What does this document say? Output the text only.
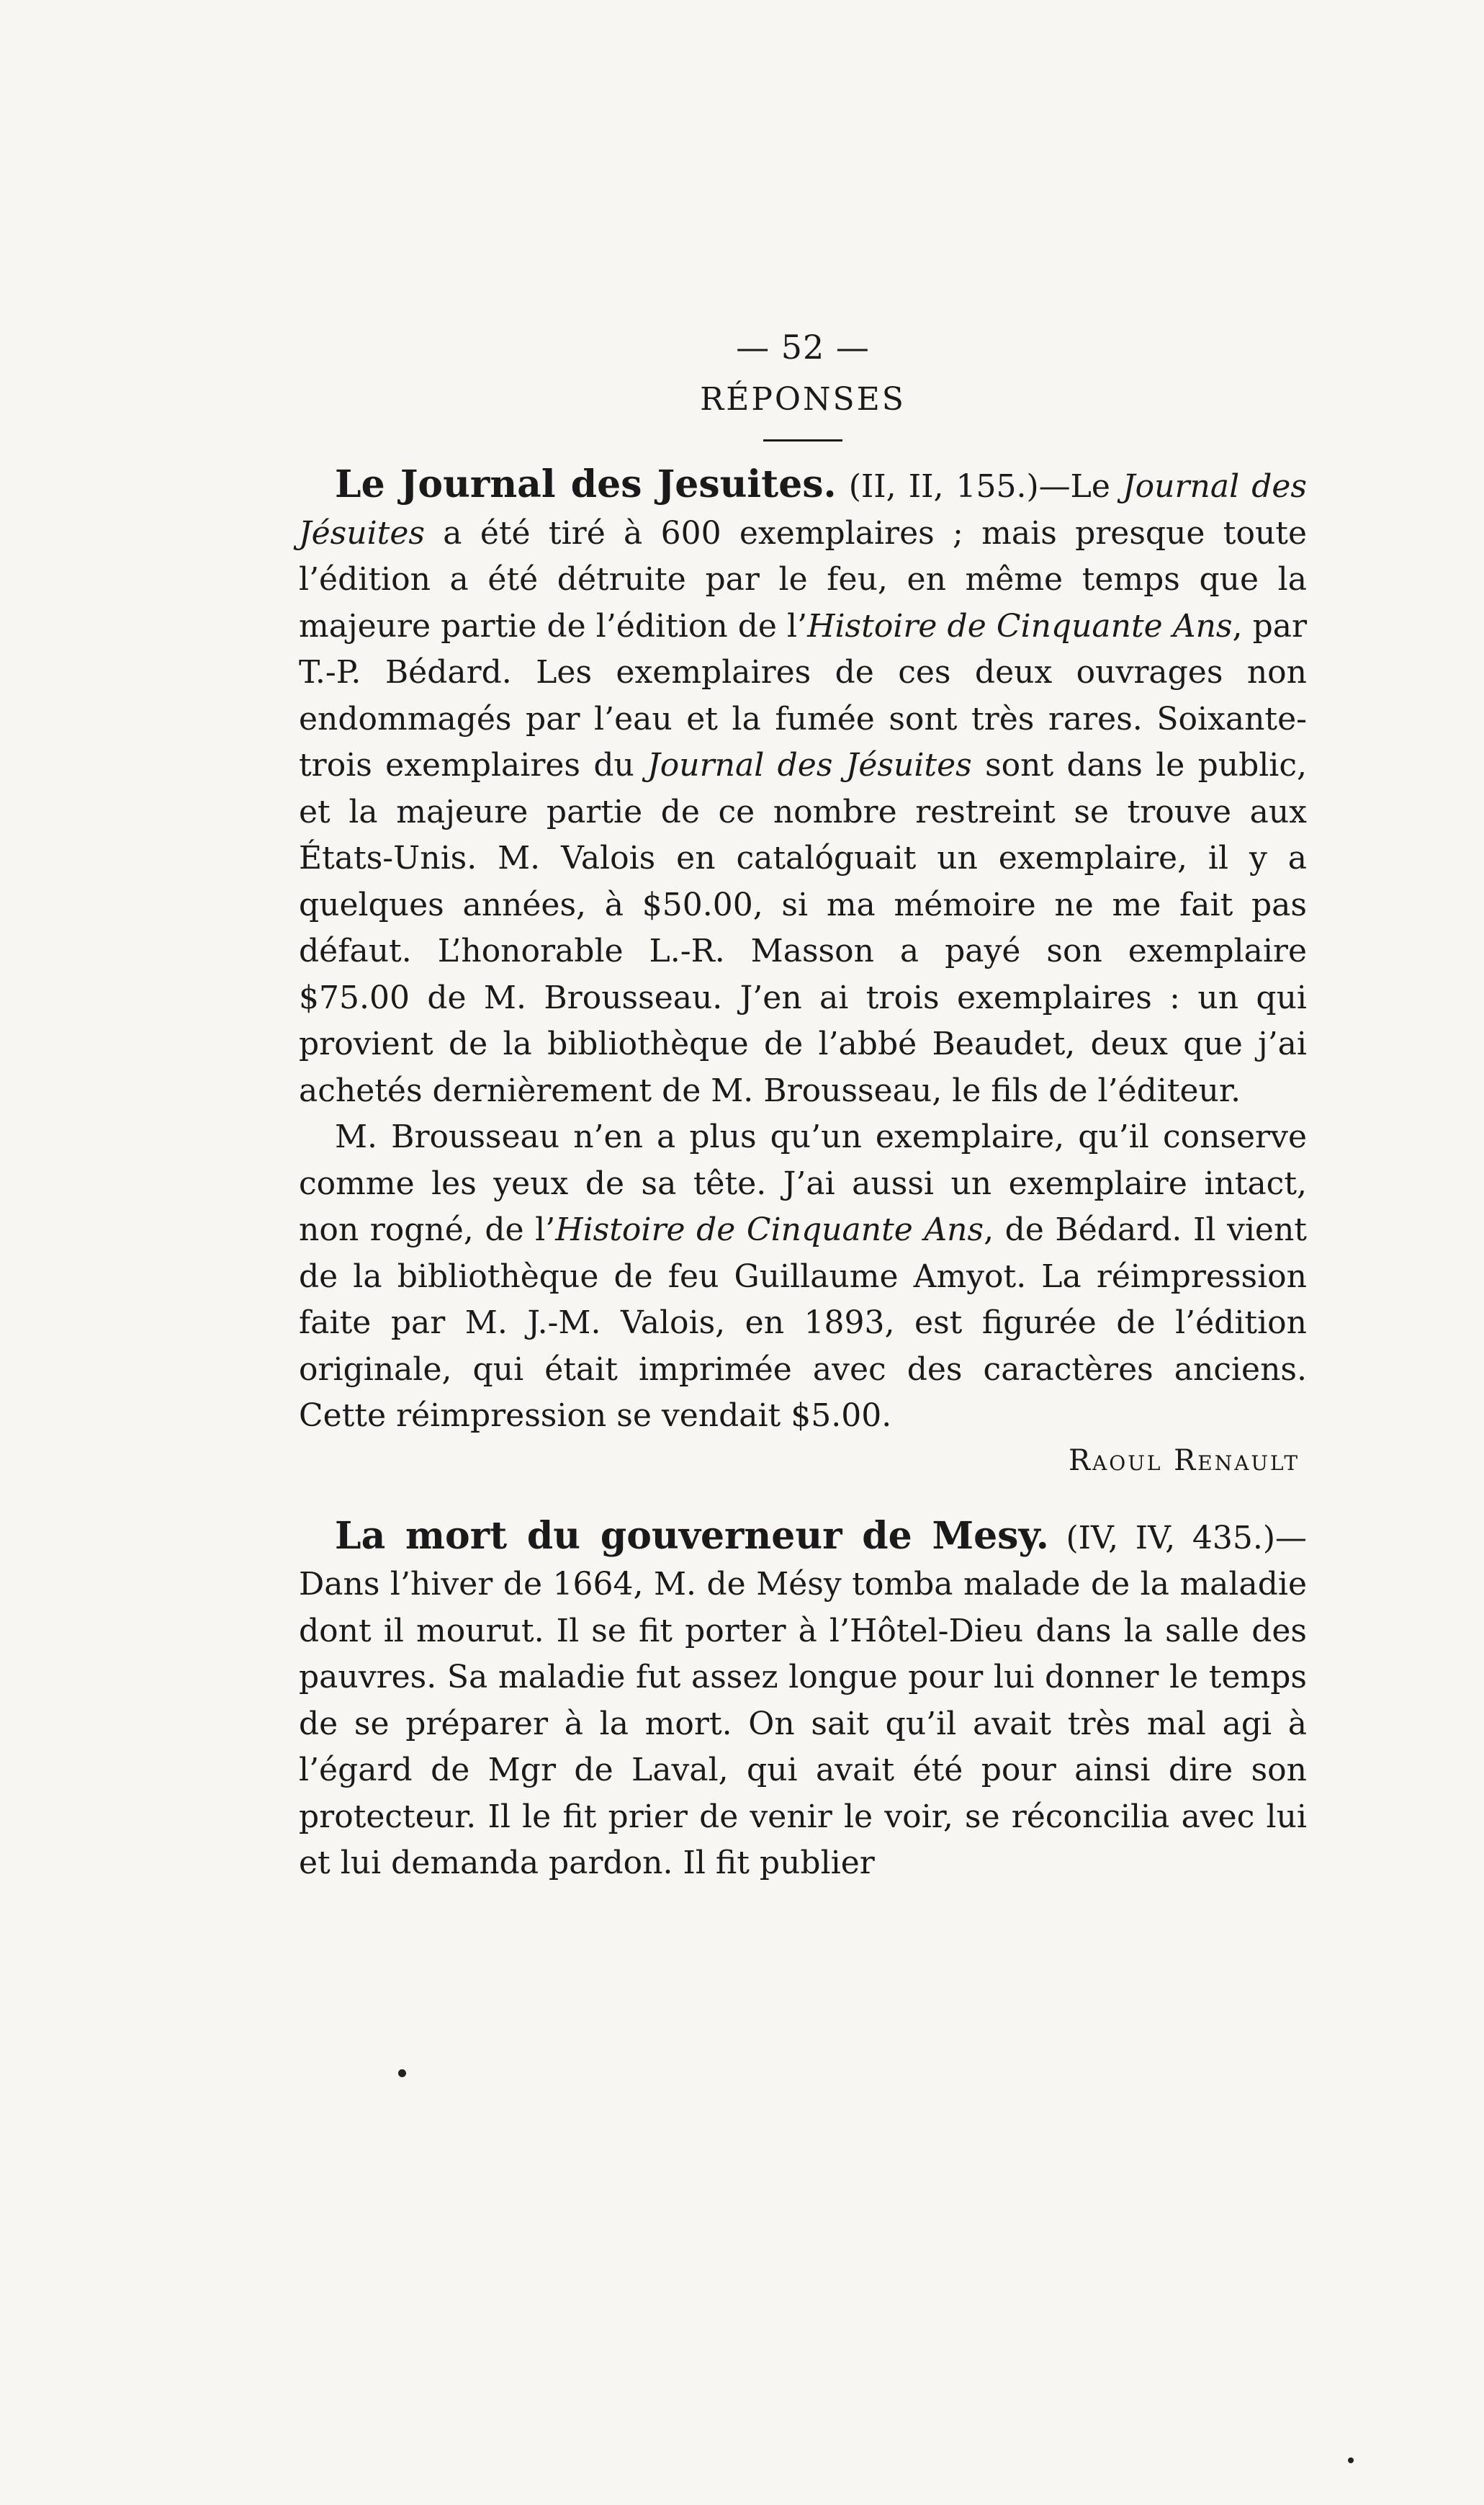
— 52 —
RÉPONSES

Le Journal des Jesuites. (II, II, 155.)—Le Journal des Jésuites a été tiré à 600 exemplaires ; mais presque toute l’édition a été détruite par le feu, en même temps que la majeure partie de l’édition de l’Histoire de Cinquante Ans, par T.-P. Bédard. Les exemplaires de ces deux ouvrages non endommagés par l’eau et la fumée sont très rares. Soixante-trois exemplaires du Journal des Jésuites sont dans le public, et la majeure partie de ce nombre restreint se trouve aux États-Unis. M. Valois en catalóguait un exemplaire, il y a quelques années, à $50.00, si ma mémoire ne me fait pas défaut. L’honorable L.-R. Masson a payé son exemplaire $75.00 de M. Brousseau. J’en ai trois exemplaires : un qui provient de la bibliothèque de l’abbé Beaudet, deux que j’ai achetés dernièrement de M. Brousseau, le fils de l’éditeur.

M. Brousseau n’en a plus qu’un exemplaire, qu’il conserve comme les yeux de sa tête. J’ai aussi un exemplaire intact, non rogné, de l’Histoire de Cinquante Ans, de Bédard. Il vient de la bibliothèque de feu Guillaume Amyot. La réimpression faite par M. J.-M. Valois, en 1893, est figurée de l’édition originale, qui était imprimée avec des caractères anciens. Cette réimpression se vendait $5.00.

Raoul Renault

La mort du gouverneur de Mesy. (IV, IV, 435.)—Dans l’hiver de 1664, M. de Mésy tomba malade de la maladie dont il mourut. Il se fit porter à l’Hôtel-Dieu dans la salle des pauvres. Sa maladie fut assez longue pour lui donner le temps de se préparer à la mort. On sait qu’il avait très mal agi à l’égard de Mgr de Laval, qui avait été pour ainsi dire son protecteur. Il le fit prier de venir le voir, se réconcilia avec lui et lui demanda pardon. Il fit publier
